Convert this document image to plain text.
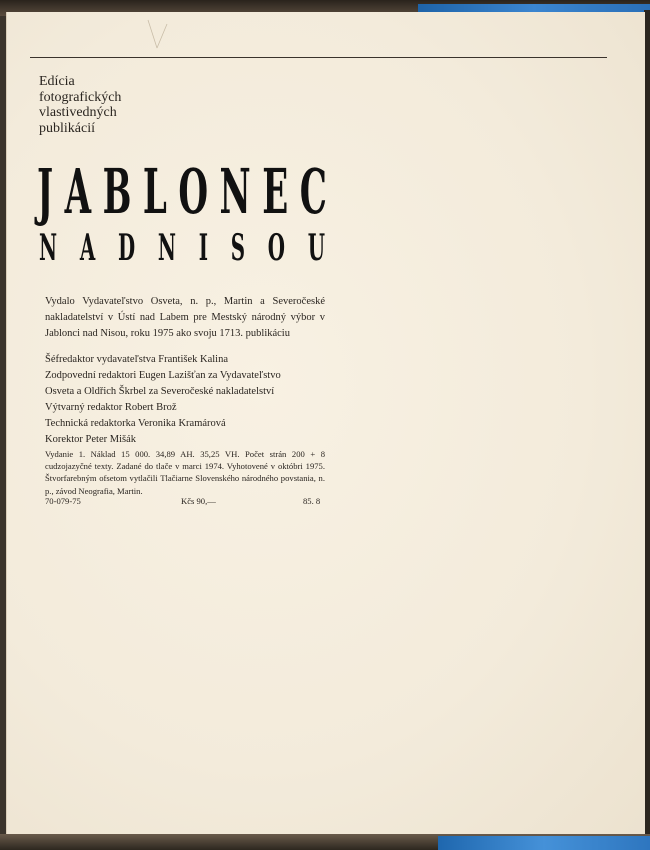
Edícia
fotografických
vlastivedných
publikácií
J A B L O N E C
N A D N I S O U
Vydalo Vydavateľstvo Osveta, n. p., Martin a Severočeské nakladatelství v Ústí nad Labem pre Mestský národný výbor v Jablonci nad Nisou, roku 1975 ako svoju 1713. publikáciu
Šéfredaktor vydavateľstva František Kalina
Zodpovední redaktori Eugen Lazišťan za Vydavateľstvo
Osveta a Oldřich Škrbel za Severočeské nakladatelství
Výtvarný redaktor Robert Brož
Technická redaktorka Veronika Kramárová
Korektor Peter Mišák
Vydanie 1. Náklad 15 000. 34,89 AH. 35,25 VH. Počet strán 200 + 8 cudzojazyčné texty. Zadané do tlače v marci 1974. Vyhotovené v októbri 1975. Štvorfarebným ofsetom vytlačili Tlačiarne Slovenského národného povstania, n. p., závod Neografia, Martin.
70-079-75	Kčs 90,—	85. 8
